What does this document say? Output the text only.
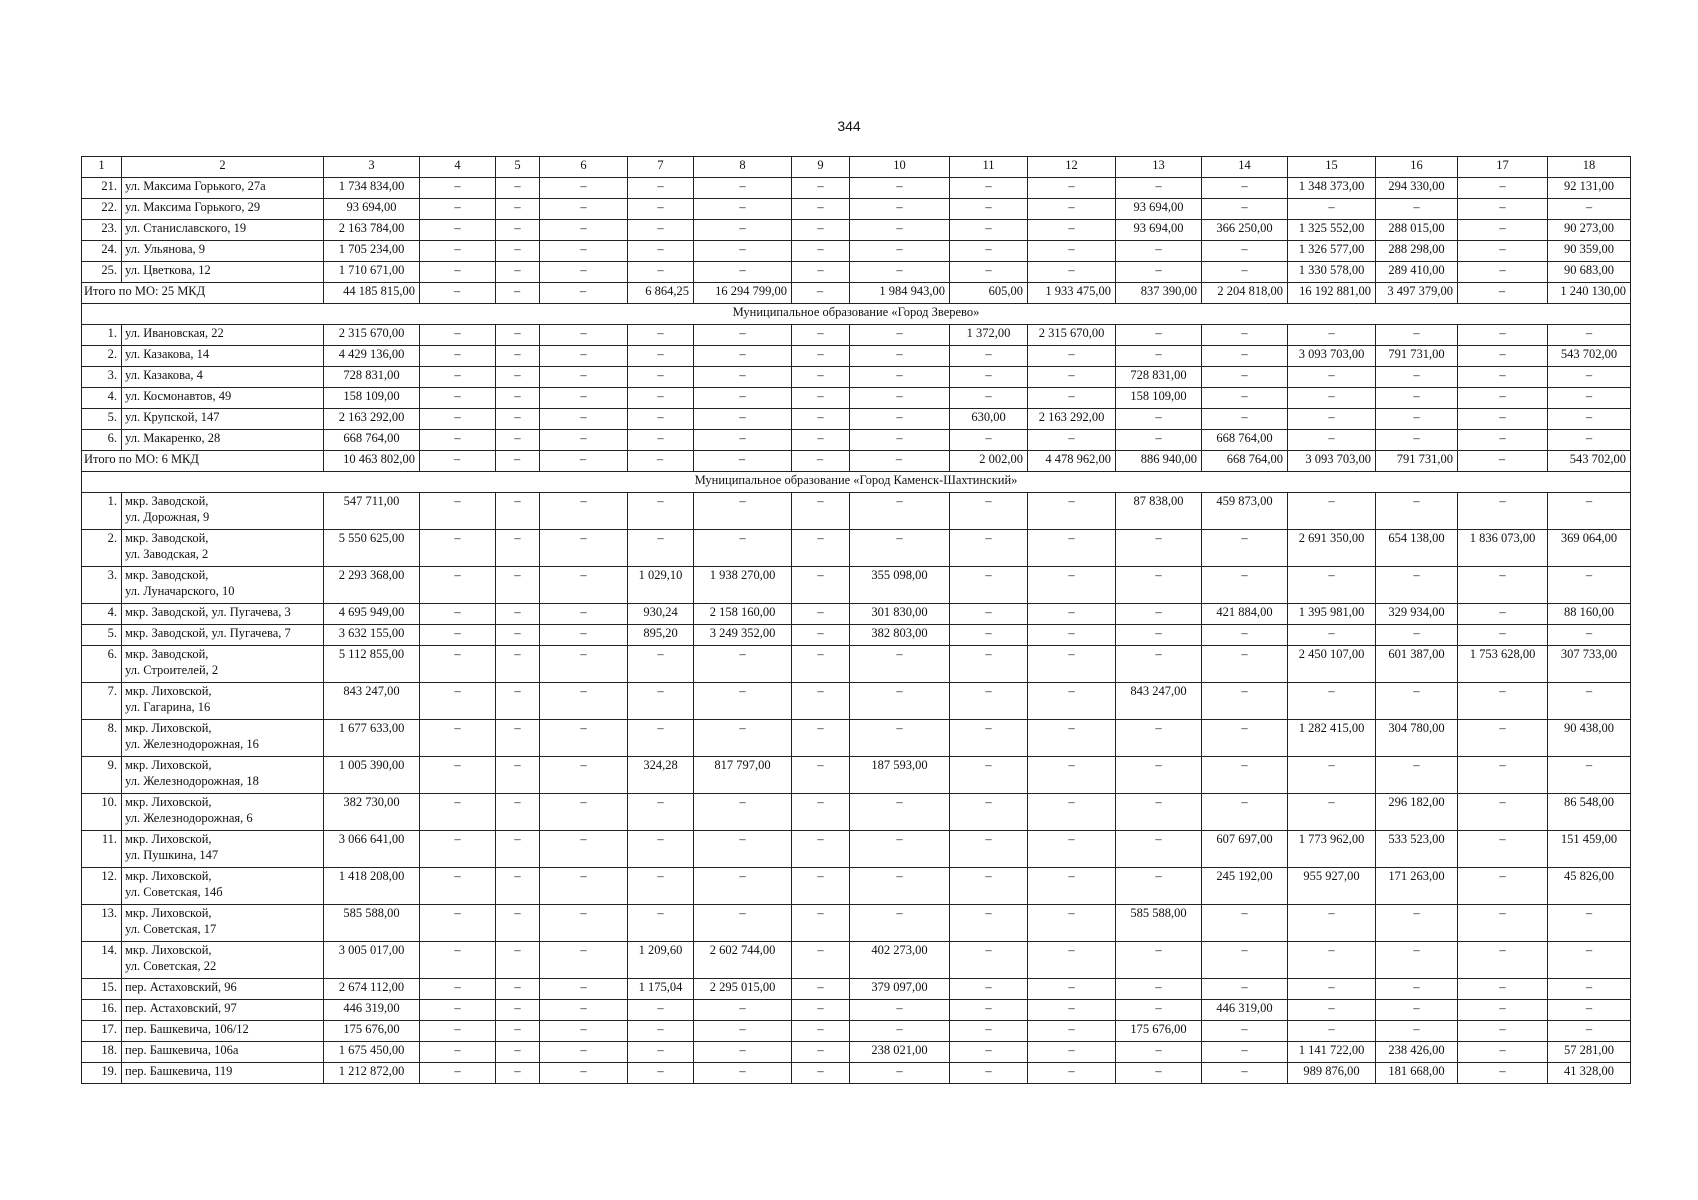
344
1	2	3	4	5	6	7	8	9	10	11	12	13	14	15	16	17	18
21.	ул. Максима Горького, 27а	1 734 834,00	–	–	–	–	–	–	–	–	–	–	–	1 348 373,00	294 330,00	–	92 131,00
22.	ул. Максима Горького, 29	93 694,00	–	–	–	–	–	–	–	–	–	93 694,00	–	–	–	–	–
23.	ул. Станиславского, 19	2 163 784,00	–	–	–	–	–	–	–	–	–	93 694,00	366 250,00	1 325 552,00	288 015,00	–	90 273,00
24.	ул. Ульянова, 9	1 705 234,00	–	–	–	–	–	–	–	–	–	–	–	1 326 577,00	288 298,00	–	90 359,00
25.	ул. Цветкова, 12	1 710 671,00	–	–	–	–	–	–	–	–	–	–	–	1 330 578,00	289 410,00	–	90 683,00
Итого по МО: 25 МКД		44 185 815,00	–	–	–	6 864,25	16 294 799,00	–	1 984 943,00	605,00	1 933 475,00	837 390,00	2 204 818,00	16 192 881,00	3 497 379,00	–	1 240 130,00
Муниципальное образование «Город Зверево»																	
1.	ул. Ивановская, 22	2 315 670,00	–	–	–	–	–	–	–	1 372,00	2 315 670,00	–	–	–	–	–	–
2.	ул. Казакова, 14	4 429 136,00	–	–	–	–	–	–	–	–	–	–	–	3 093 703,00	791 731,00	–	543 702,00
3.	ул. Казакова, 4	728 831,00	–	–	–	–	–	–	–	–	–	728 831,00	–	–	–	–	–
4.	ул. Космонавтов, 49	158 109,00	–	–	–	–	–	–	–	–	–	158 109,00	–	–	–	–	–
5.	ул. Крупской, 147	2 163 292,00	–	–	–	–	–	–	–	630,00	2 163 292,00	–	–	–	–	–	–
6.	ул. Макаренко, 28	668 764,00	–	–	–	–	–	–	–	–	–	–	668 764,00	–	–	–	–
Итого по МО: 6 МКД		10 463 802,00	–	–	–	–	–	–	–	2 002,00	4 478 962,00	886 940,00	668 764,00	3 093 703,00	791 731,00	–	543 702,00
Муниципальное образование «Город Каменск-Шахтинский»																	
1.	мкр. Заводской,
ул. Дорожная, 9	547 711,00	–	–	–	–	–	–	–	–	–	87 838,00	459 873,00	–	–	–	–
2.	мкр. Заводской,
ул. Заводская, 2	5 550 625,00	–	–	–	–	–	–	–	–	–	–	–	2 691 350,00	654 138,00	1 836 073,00	369 064,00
3.	мкр. Заводской,
ул. Луначарского, 10	2 293 368,00	–	–	–	1 029,10	1 938 270,00	–	355 098,00	–	–	–	–	–	–	–	–
4.	мкр. Заводской, ул. Пугачева, 3	4 695 949,00	–	–	–	930,24	2 158 160,00	–	301 830,00	–	–	–	421 884,00	1 395 981,00	329 934,00	–	88 160,00
5.	мкр. Заводской, ул. Пугачева, 7	3 632 155,00	–	–	–	895,20	3 249 352,00	–	382 803,00	–	–	–	–	–	–	–	–
6.	мкр. Заводской,
ул. Строителей, 2	5 112 855,00	–	–	–	–	–	–	–	–	–	–	–	2 450 107,00	601 387,00	1 753 628,00	307 733,00
7.	мкр. Лиховской,
ул. Гагарина, 16	843 247,00	–	–	–	–	–	–	–	–	–	843 247,00	–	–	–	–	–
8.	мкр. Лиховской,
ул. Железнодорожная, 16	1 677 633,00	–	–	–	–	–	–	–	–	–	–	–	1 282 415,00	304 780,00	–	90 438,00
9.	мкр. Лиховской,
ул. Железнодорожная, 18	1 005 390,00	–	–	–	324,28	817 797,00	–	187 593,00	–	–	–	–	–	–	–	–
10.	мкр. Лиховской,
ул. Железнодорожная, 6	382 730,00	–	–	–	–	–	–	–	–	–	–	–	–	296 182,00	–	86 548,00
11.	мкр. Лиховской,
ул. Пушкина, 147	3 066 641,00	–	–	–	–	–	–	–	–	–	–	607 697,00	1 773 962,00	533 523,00	–	151 459,00
12.	мкр. Лиховской,
ул. Советская, 14б	1 418 208,00	–	–	–	–	–	–	–	–	–	–	245 192,00	955 927,00	171 263,00	–	45 826,00
13.	мкр. Лиховской,
ул. Советская, 17	585 588,00	–	–	–	–	–	–	–	–	–	585 588,00	–	–	–	–	–
14.	мкр. Лиховской,
ул. Советская, 22	3 005 017,00	–	–	–	1 209,60	2 602 744,00	–	402 273,00	–	–	–	–	–	–	–	–
15.	пер. Астаховский, 96	2 674 112,00	–	–	–	1 175,04	2 295 015,00	–	379 097,00	–	–	–	–	–	–	–	–
16.	пер. Астаховский, 97	446 319,00	–	–	–	–	–	–	–	–	–	–	446 319,00	–	–	–	–
17.	пер. Башкевича, 106/12	175 676,00	–	–	–	–	–	–	–	–	–	175 676,00	–	–	–	–	–
18.	пер. Башкевича, 106а	1 675 450,00	–	–	–	–	–	–	238 021,00	–	–	–	–	1 141 722,00	238 426,00	–	57 281,00
19.	пер. Башкевича, 119	1 212 872,00	–	–	–	–	–	–	–	–	–	–	–	989 876,00	181 668,00	–	41 328,00
